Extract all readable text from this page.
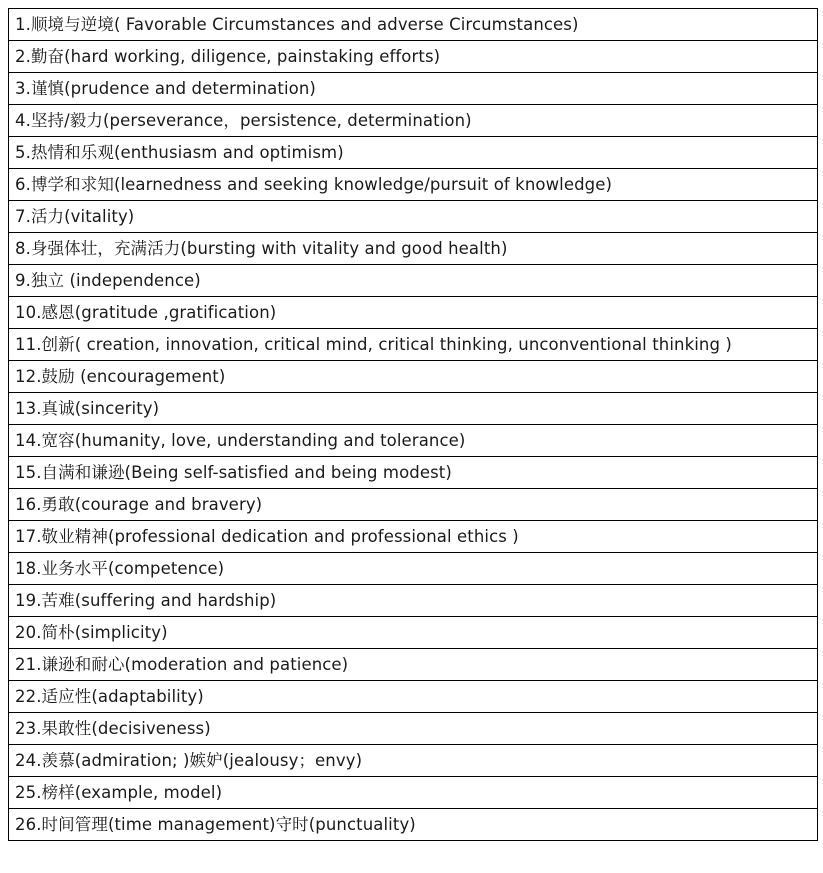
1.顺境与逆境( Favorable Circumstances and adverse Circumstances)
2.勤奋(hard working, diligence, painstaking efforts)
3.谨慎(prudence and determination)
4.坚持/毅力(perseverance，persistence, determination)
5.热情和乐观(enthusiasm and optimism)
6.博学和求知(learnedness and seeking knowledge/pursuit of knowledge)
7.活力(vitality)
8.身强体壮，充满活力(bursting with vitality and good health)
9.独立 (independence)
10.感恩(gratitude ,gratification)
11.创新( creation, innovation, critical mind, critical thinking, unconventional thinking )
12.鼓励 (encouragement)
13.真诚(sincerity)
14.宽容(humanity, love, understanding and tolerance)
15.自满和谦逊(Being self-satisfied and being modest)
16.勇敢(courage and bravery)
17.敬业精神(professional dedication and professional ethics )
18.业务水平(competence)
19.苦难(suffering and hardship)
20.简朴(simplicity)
21.谦逊和耐心(moderation and patience)
22.适应性(adaptability)
23.果敢性(decisiveness)
24.羡慕(admiration; )嫉妒(jealousy；envy)
25.榜样(example, model)
26.时间管理(time management)守时(punctuality)
